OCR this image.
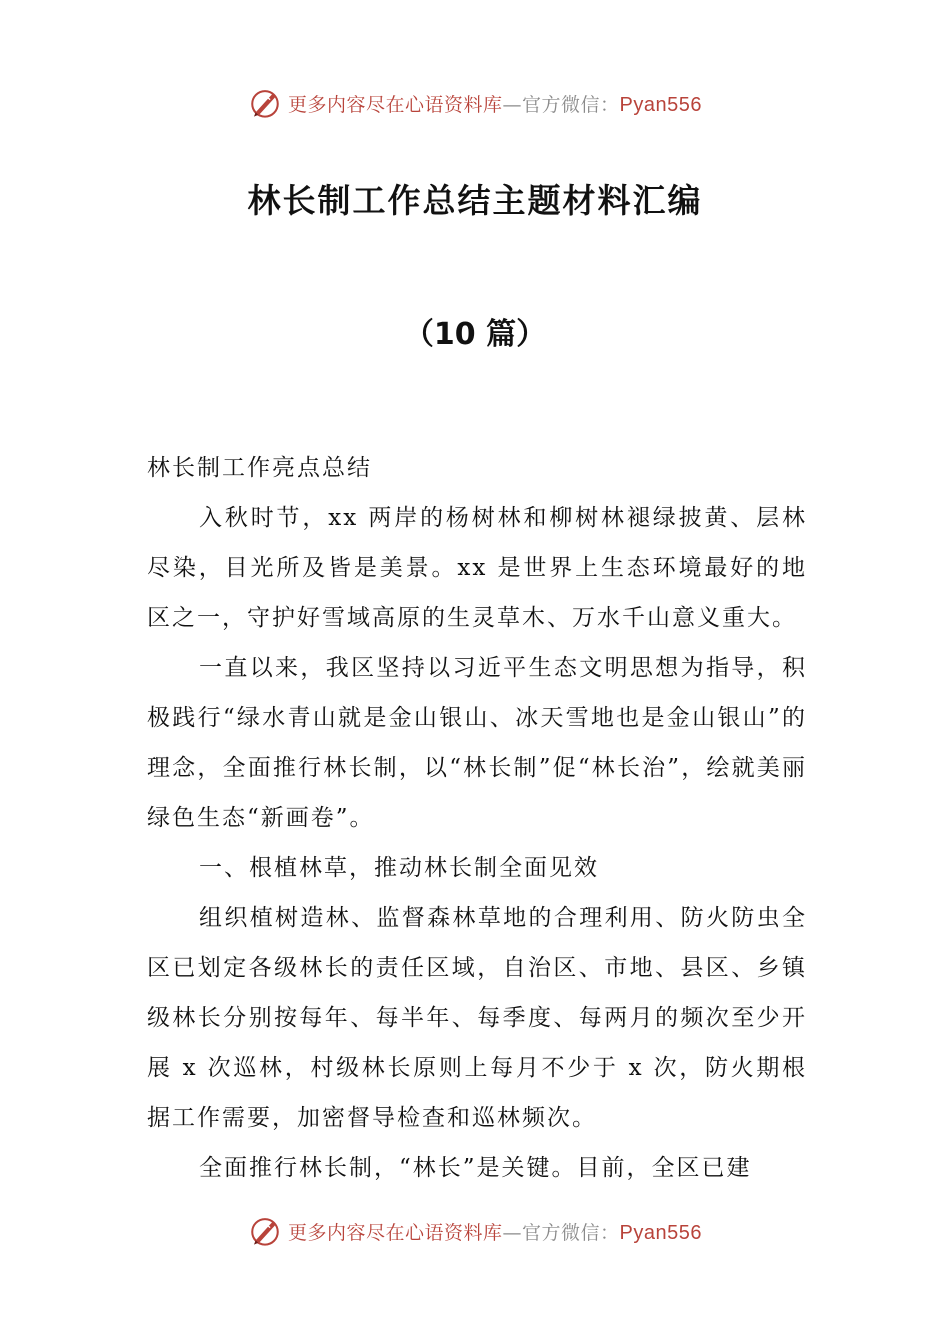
更多内容尽在心语资料库—官方微信：Pyan556
林长制工作总结主题材料汇编
（10 篇）

林长制工作亮点总结

入秋时节，xx 两岸的杨树林和柳树林褪绿披黄、层林尽染，目光所及皆是美景。xx 是世界上生态环境最好的地区之一，守护好雪域高原的生灵草木、万水千山意义重大。

一直以来，我区坚持以习近平生态文明思想为指导，积极践行“绿水青山就是金山银山、冰天雪地也是金山银山”的理念，全面推行林长制，以“林长制”促“林长治”，绘就美丽绿色生态“新画卷”。

一、根植林草，推动林长制全面见效

组织植树造林、监督森林草地的合理利用、防火防虫全区已划定各级林长的责任区域，自治区、市地、县区、乡镇级林长分别按每年、每半年、每季度、每两月的频次至少开展 x 次巡林，村级林长原则上每月不少于 x 次，防火期根据工作需要，加密督导检查和巡林频次。

全面推行林长制，“林长”是关键。目前，全区已建

更多内容尽在心语资料库—官方微信：Pyan556
